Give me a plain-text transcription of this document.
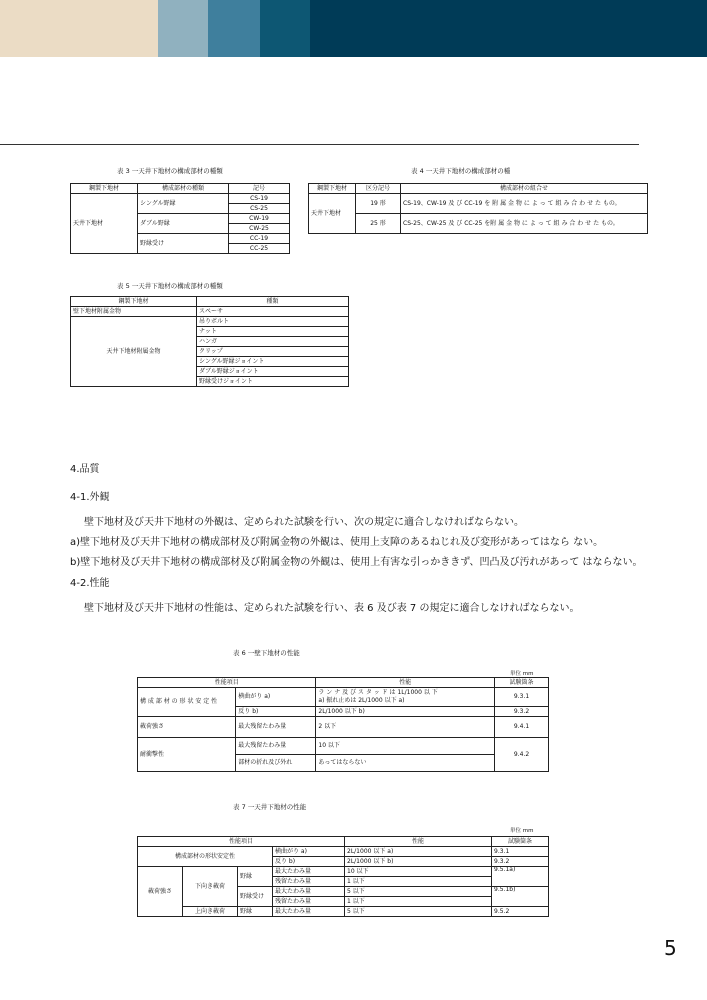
表 3 一天井下地材の構成部材の種類
鋼製下地材	構成部材の種類	記号
天井下地材	シングル野縁	CS-19
		CS-25
	ダブル野縁	CW-19
		CW-25
	野縁受け	CC-19
		CC-25
表 4 一天井下地材の構成部材の種
鋼製下地材	区分記号	構成部材の組合せ
天井下地材	19 形	CS-19、CW-19 及 び CC-19 を 附 属 金 物 に よ っ て 組 み 合 わ せ た もの。
	25 形	CS-25、CW-25 及 び CC-25 を附 属 金 物 に よ っ て 組 み 合 わ せ た もの。
表 5 一天井下地材の構成部材の種類
鋼製下地材	種類
壁下地材附属金物	スペーサ
天井下地材附属金物	吊りボルト
	ナット
	ハンガ
	クリップ
	シングル野縁ジョイント
	ダブル野縁ジョイント
	野縁受けジョイント
4.品質
4-1.外観
壁下地材及び天井下地材の外観は、定められた試験を行い、次の規定に適合しなければならない。
a)壁下地材及び天井下地材の構成部材及び附属金物の外観は、使用上支障のあるねじれ及び変形があってはなら ない。
b)壁下地材及び天井下地材の構成部材及び附属金物の外観は、使用上有害な引っかききず、凹凸及び汚れがあって はならない。
4-2.性能
壁下地材及び天井下地材の性能は、定められた試験を行い、表 6 及び表 7 の規定に適合しなければならない。
表 6 一壁下地材の性能
単位 mm
性能項目		性能	試験箇条
構 成 部 材 の 形 状 安 定 性	横曲がり a)	ラ ン ナ 及 び ス タ ッ ド は 1L/1000 以 下
a) 振れ止めは 2L/1000 以下 a)	9.3.1
	反り b)	2L/1000 以下 b)	9.3.2
載荷強さ	最大残留たわみ量	2 以下	9.4.1
耐衝撃性	最大残留たわみ量	10 以下	9.4.2
	部材の折れ及び外れ	あってはならない	
表 7 一天井下地材の性能
単位 mm
性能項目				性能	試験箇条
構成部材の形状安定性			横曲がり a)	2L/1000 以下 a)	9.3.1
			反り b)	2L/1000 以下 b)	9.3.2
載荷強さ	下向き載荷	野縁	最大たわみ量	10 以下	9.5.1a)
			残留たわみ量	1 以下	
		野縁受け	最大たわみ量	5 以下	9.5.1b)
			残留たわみ量	1 以下	
	上向き載荷	野縁	最大たわみ量	5 以下	9.5.2
5
